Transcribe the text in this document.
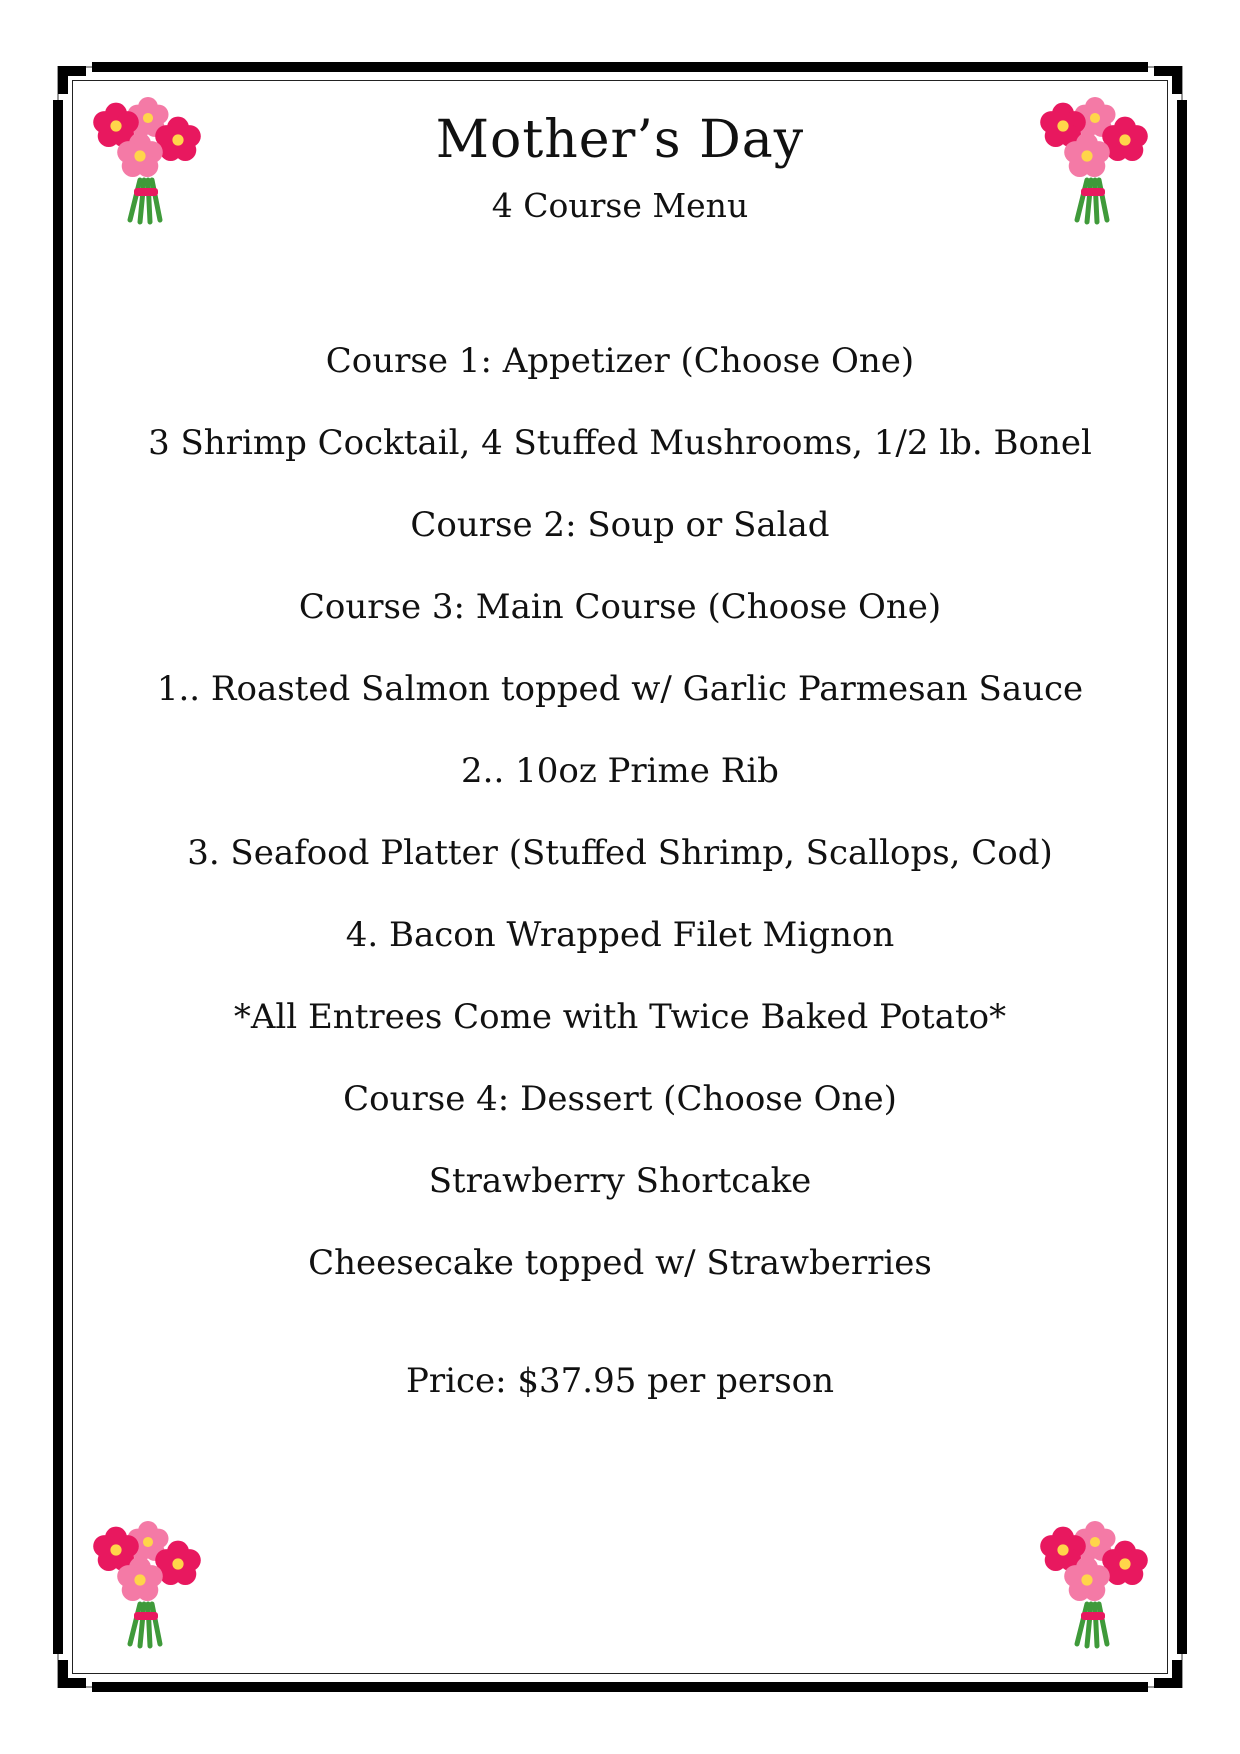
Mother’s Day
4 Course Menu
Course 1: Appetizer (Choose One)
3 Shrimp Cocktail, 4 Stuffed Mushrooms, 1/2 lb. Bonel
Course 2: Soup or Salad
Course 3: Main Course (Choose One)
1.. Roasted Salmon topped w/ Garlic Parmesan Sauce
2.. 10oz Prime Rib
3. Seafood Platter (Stuffed Shrimp, Scallops, Cod)
4. Bacon Wrapped Filet Mignon
*All Entrees Come with Twice Baked Potato*
Course 4: Dessert (Choose One)
Strawberry Shortcake
Cheesecake topped w/ Strawberries
Price: $37.95 per person
